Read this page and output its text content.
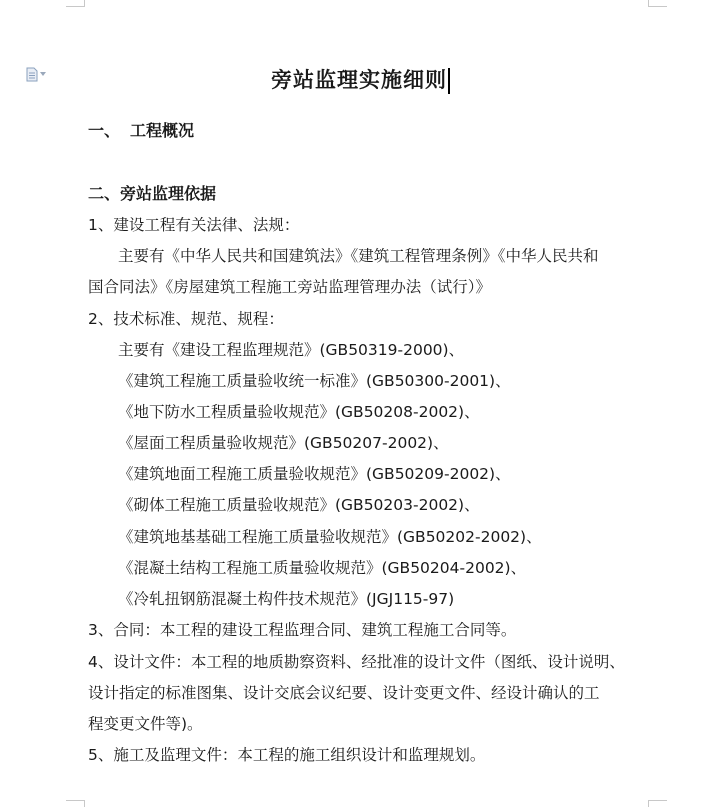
旁站监理实施细则
一、 工程概况
二、旁站监理依据
1、建设工程有关法律、法规：
主要有《中华人民共和国建筑法》《建筑工程管理条例》《中华人民共和
国合同法》《房屋建筑工程施工旁站监理管理办法（试行）》
2、技术标准、规范、规程：
主要有《建设工程监理规范》(GB50319-2000)、
《建筑工程施工质量验收统一标准》(GB50300-2001)、
《地下防水工程质量验收规范》(GB50208-2002)、
《屋面工程质量验收规范》(GB50207-2002)、
《建筑地面工程施工质量验收规范》(GB50209-2002)、
《砌体工程施工质量验收规范》(GB50203-2002)、
《建筑地基基础工程施工质量验收规范》(GB50202-2002)、
《混凝土结构工程施工质量验收规范》(GB50204-2002)、
《冷轧扭钢筋混凝土构件技术规范》(JGJ115-97)
3、合同：本工程的建设工程监理合同、建筑工程施工合同等。
4、设计文件：本工程的地质勘察资料、经批准的设计文件（图纸、设计说明、
设计指定的标准图集、设计交底会议纪要、设计变更文件、经设计确认的工
程变更文件等)。
5、施工及监理文件：本工程的施工组织设计和监理规划。
